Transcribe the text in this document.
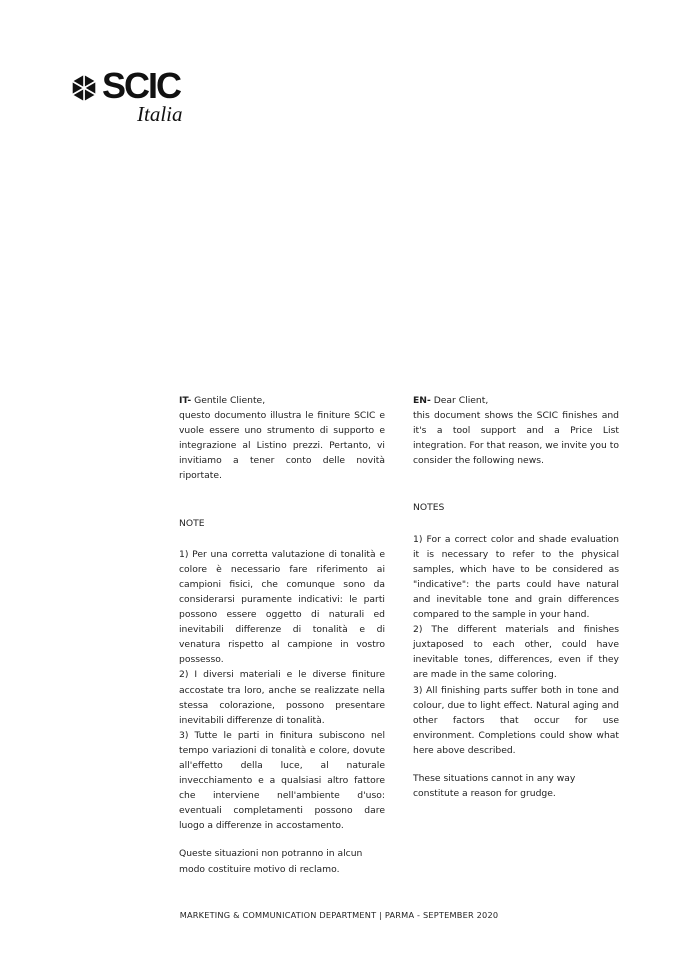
SCIC
Italia

IT- Gentile Cliente,

questo documento illustra le finiture SCIC e vuole essere uno strumento di supporto e integrazione al Listino prezzi. Pertanto, vi invitiamo a tener conto delle novità riportate.

NOTE

1) Per una corretta valutazione di tonalità e colore è necessario fare riferimento ai campioni fisici, che comunque sono da considerarsi puramente indicativi: le parti possono essere oggetto di naturali ed inevitabili differenze di tonalità e di venatura rispetto al campione in vostro possesso.

2) I diversi materiali e le diverse finiture accostate tra loro, anche se realizzate nella stessa colorazione, possono presentare inevitabili differenze di tonalità.

3) Tutte le parti in finitura subiscono nel tempo variazioni di tonalità e colore, dovute all'effetto della luce, al naturale invecchiamento e a qualsiasi altro fattore che interviene nell'ambiente d'uso: eventuali completamenti possono dare luogo a differenze in accostamento.

Queste situazioni non potranno in alcun modo costituire motivo di reclamo.

EN- Dear Client,

this document shows the SCIC finishes and it's a tool support and a Price List integration. For that reason, we invite you to consider the following news.

NOTES

1) For a correct color and shade evaluation it is necessary to refer to the physical samples, which have to be considered as "indicative": the parts could have natural and inevitable tone and grain differences compared to the sample in your hand.

2) The different materials and finishes juxtaposed to each other, could have inevitable tones, differences, even if they are made in the same coloring.

3) All finishing parts suffer both in tone and colour, due to light effect. Natural aging and other factors that occur for use environment. Completions could show what here above described.

These situations cannot in any way constitute a reason for grudge.

MARKETING & COMMUNICATION DEPARTMENT | PARMA - SEPTEMBER 2020
